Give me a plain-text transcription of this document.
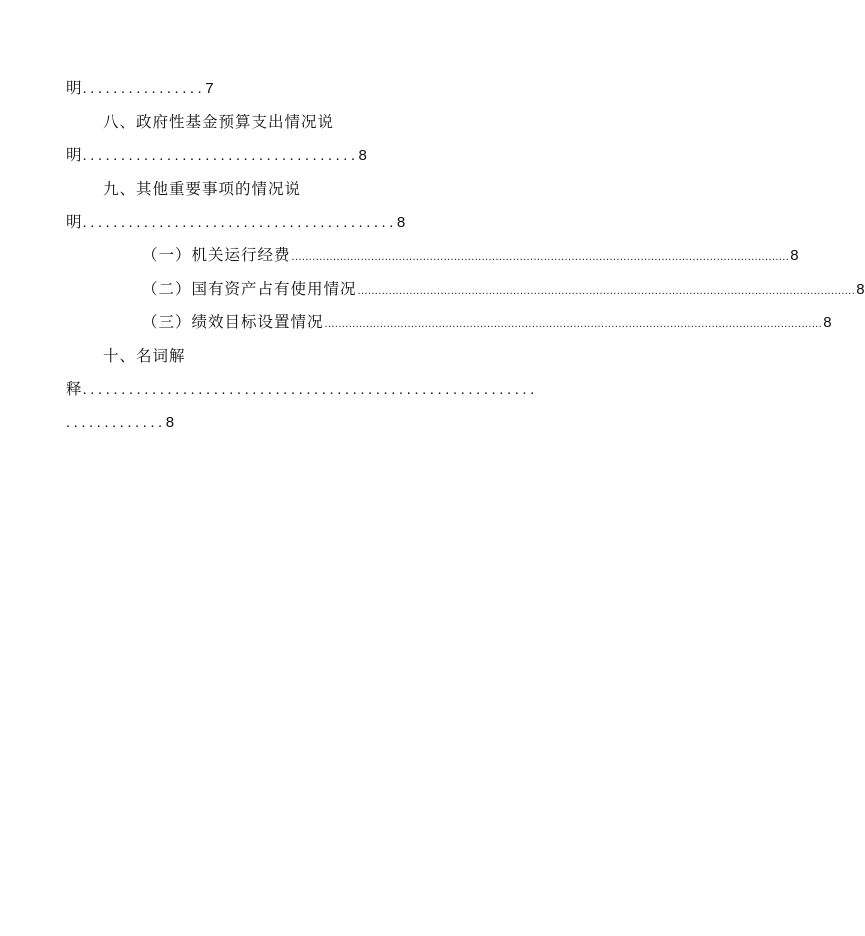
明................7
八、政府性基金预算支出情况说
明....................................8
九、其他重要事项的情况说
明.........................................8
（一）机关运行经费 ................................................................................................................................................ 8
（二）国有资产占有使用情况 ................................................................................................................................................ 8
（三）绩效目标设置情况 ................................................................................................................................................ 8
十、名词解
释...........................................................
.............8
